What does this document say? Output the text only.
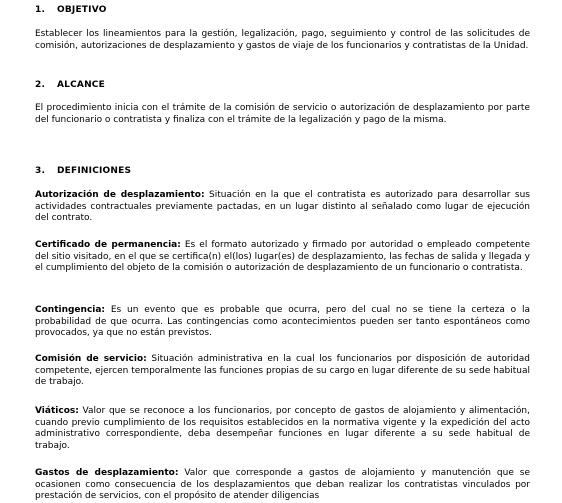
1. OBJETIVO

Establecer los lineamientos para la gestión, legalización, pago, seguimiento y control de las solicitudes de comisión, autorizaciones de desplazamiento y gastos de viaje de los funcionarios y contratistas de la Unidad.

2. ALCANCE

El procedimiento inicia con el trámite de la comisión de servicio o autorización de desplazamiento por parte del funcionario o contratista y finaliza con el trámite de la legalización y pago de la misma.

3. DEFINICIONES

Autorización de desplazamiento: Situación en la que el contratista es autorizado para desarrollar sus actividades contractuales previamente pactadas, en un lugar distinto al señalado como lugar de ejecución del contrato.

Certificado de permanencia: Es el formato autorizado y firmado por autoridad o empleado competente del sitio visitado, en el que se certifica(n) el(los) lugar(es) de desplazamiento, las fechas de salida y llegada y el cumplimiento del objeto de la comisión o autorización de desplazamiento de un funcionario o contratista.

Contingencia: Es un evento que es probable que ocurra, pero del cual no se tiene la certeza o la probabilidad de que ocurra. Las contingencias como acontecimientos pueden ser tanto espontáneos como provocados, ya que no están previstos.

Comisión de servicio: Situación administrativa en la cual los funcionarios por disposición de autoridad competente, ejercen temporalmente las funciones propias de su cargo en lugar diferente de su sede habitual de trabajo.

Viáticos: Valor que se reconoce a los funcionarios, por concepto de gastos de alojamiento y alimentación, cuando previo cumplimiento de los requisitos establecidos en la normativa vigente y la expedición del acto administrativo correspondiente, deba desempeñar funciones en lugar diferente a su sede habitual de trabajo.

Gastos de desplazamiento: Valor que corresponde a gastos de alojamiento y manutención que se ocasionen como consecuencia de los desplazamientos que deban realizar los contratistas vinculados por prestación de servicios, con el propósito de atender diligencias
